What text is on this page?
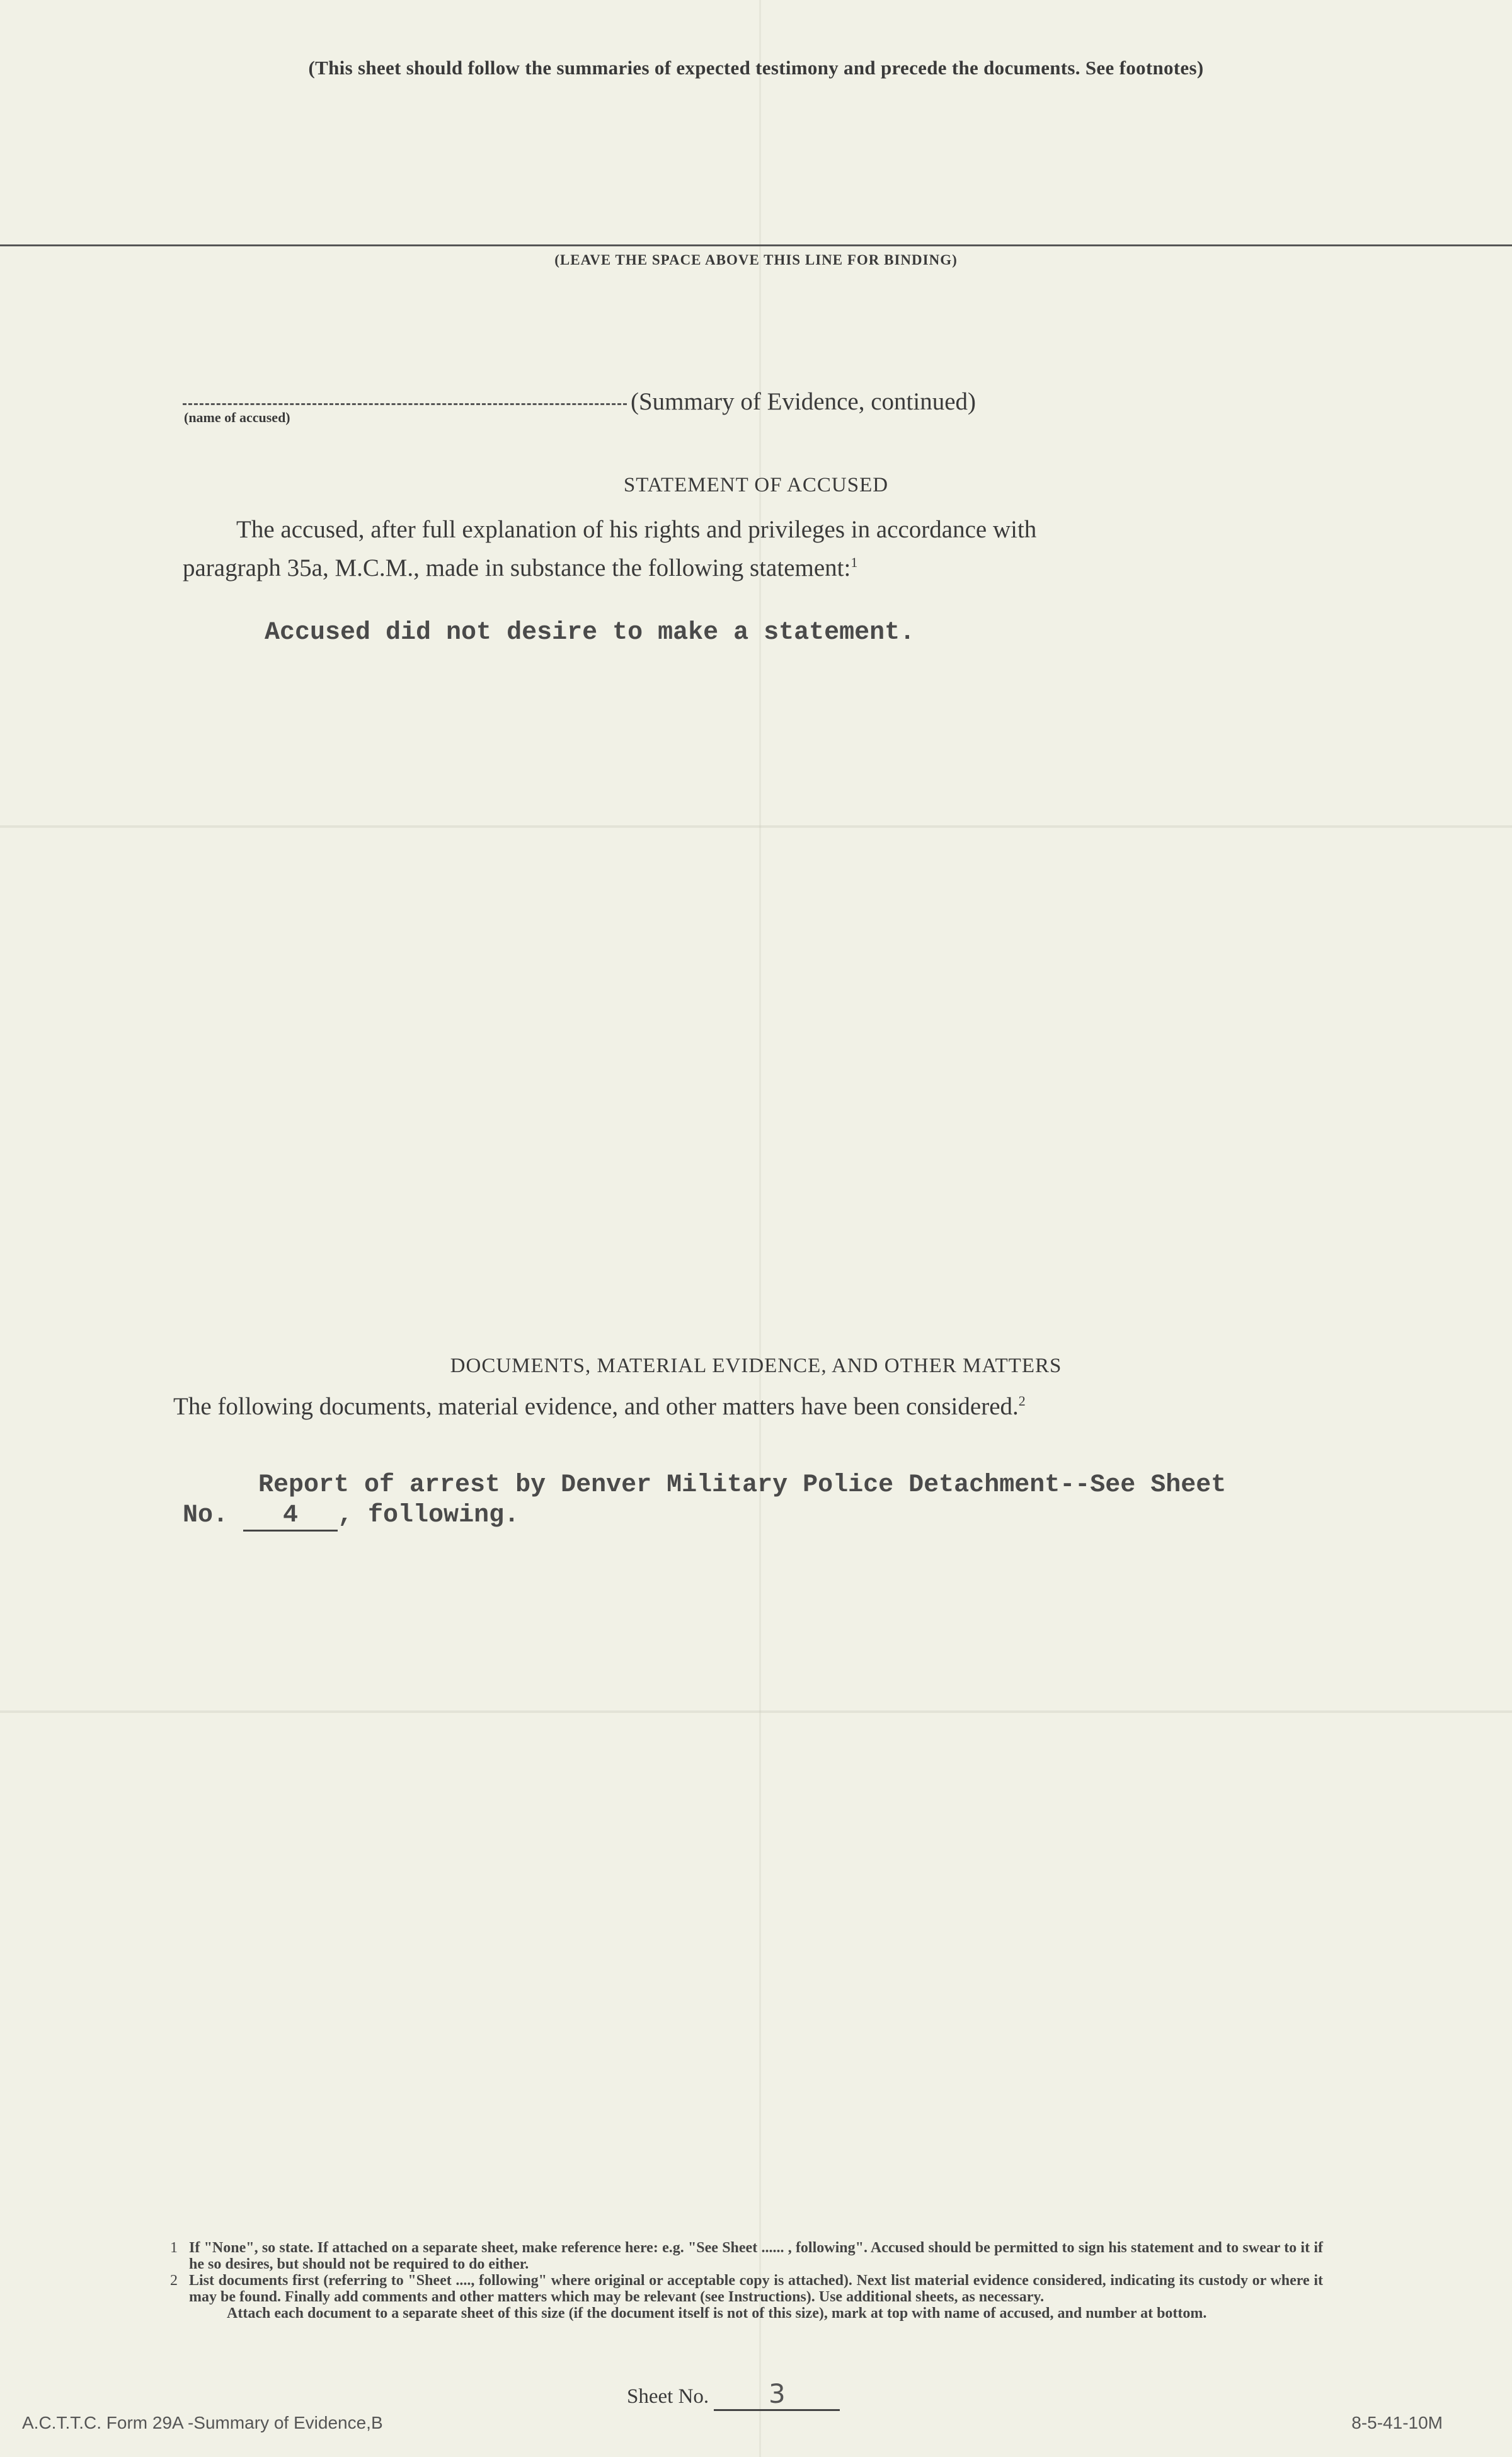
(This sheet should follow the summaries of expected testimony and precede the documents. See footnotes)
(LEAVE THE SPACE ABOVE THIS LINE FOR BINDING)
(Summary of Evidence, continued)
(name of accused)
STATEMENT OF ACCUSED
The accused, after full explanation of his rights and privileges in accordance with
paragraph 35a, M.C.M., made in substance the following statement:$^1$
Accused did not desire to make a statement.
DOCUMENTS, MATERIAL EVIDENCE, AND OTHER MATTERS
The following documents, material evidence, and other matters have been considered.$^2$
Report of arrest by Denver Military Police Detachment--See Sheet
No. 4 , following.
1 If "None", so state. If attached on a separate sheet, make reference here: e.g. "See Sheet ...... , following". Accused should be permitted to sign his statement and to swear to it if he so desires, but should not be required to do either.
2 List documents first (referring to "Sheet ...., following" where original or acceptable copy is attached). Next list material evidence considered, indicating its custody or where it may be found. Finally add comments and other matters which may be relevant (see Instructions). Use additional sheets, as necessary.
Attach each document to a separate sheet of this size (if the document itself is not of this size), mark at top with name of accused, and number at bottom.
Sheet No. 3
A.C.T.T.C. Form 29A -Summary of Evidence,B	8-5-41-10M
